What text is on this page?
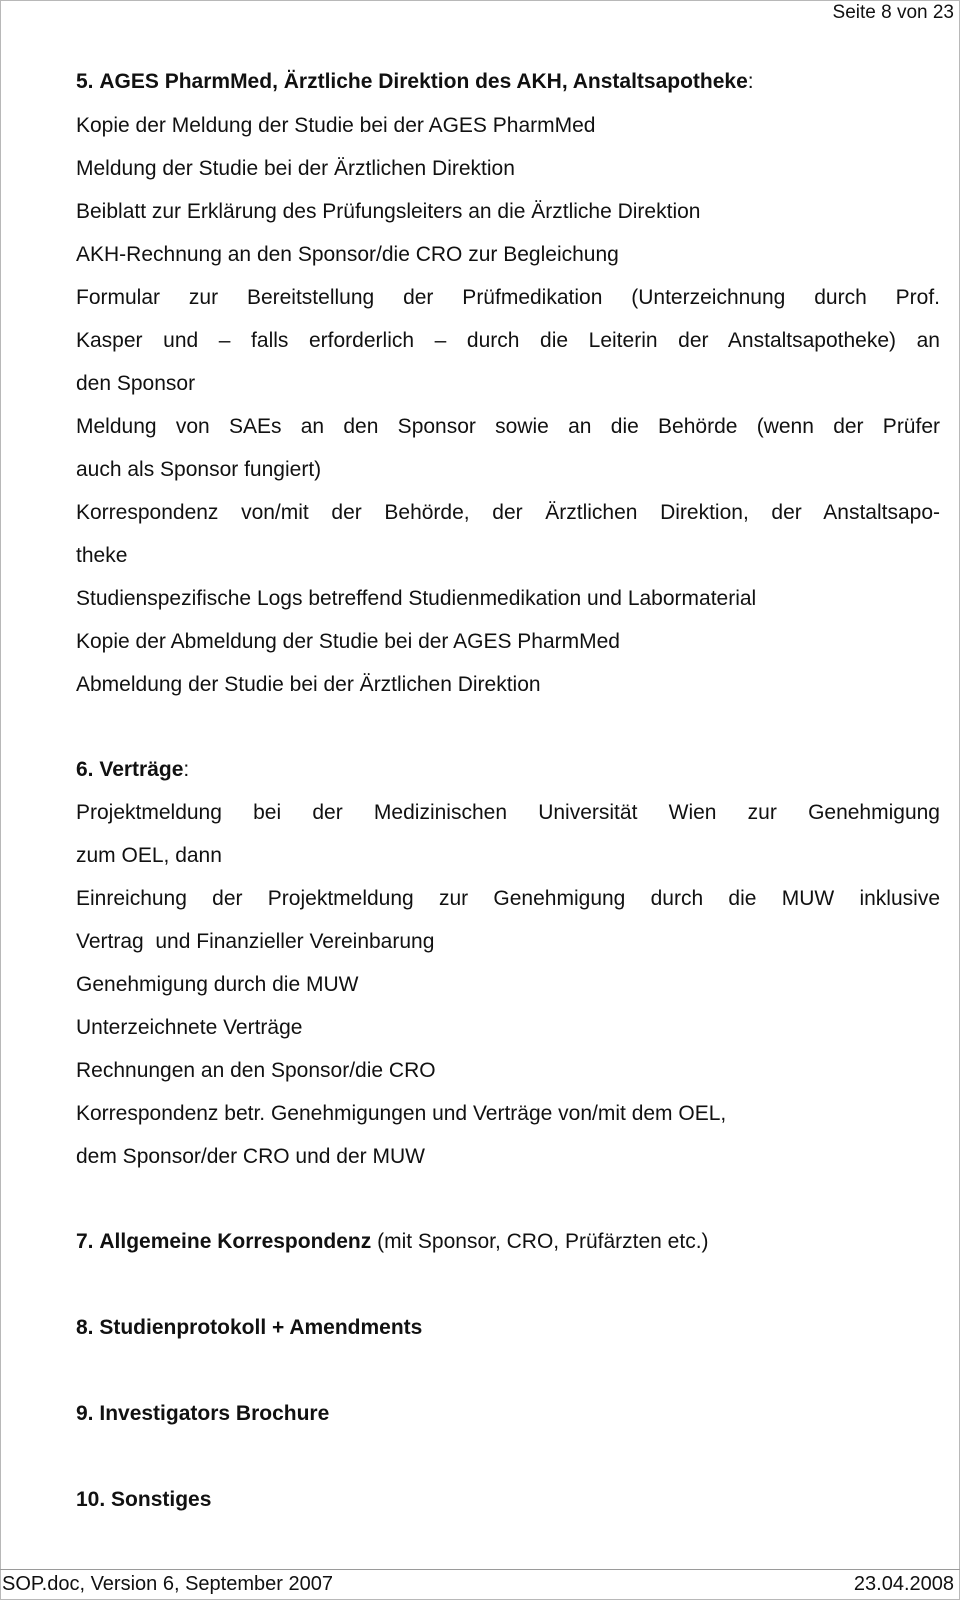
Seite 8 von 23
5. AGES PharmMed, Ärztliche Direktion des AKH, Anstaltsapotheke:
Kopie der Meldung der Studie bei der AGES PharmMed
Meldung der Studie bei der Ärztlichen Direktion
Beiblatt zur Erklärung des Prüfungsleiters an die Ärztliche Direktion
AKH-Rechnung an den Sponsor/die CRO zur Begleichung
Formular zur Bereitstellung der Prüfmedikation (Unterzeichnung durch Prof.
Kasper und – falls erforderlich – durch die Leiterin der Anstaltsapotheke) an
den Sponsor
Meldung von SAEs an den Sponsor sowie an die Behörde (wenn der Prüfer
auch als Sponsor fungiert)
Korrespondenz von/mit der Behörde, der Ärztlichen Direktion, der Anstaltsapo-
theke
Studienspezifische Logs betreffend Studienmedikation und Labormaterial
Kopie der Abmeldung der Studie bei der AGES PharmMed
Abmeldung der Studie bei der Ärztlichen Direktion
6. Verträge:
Projektmeldung bei der Medizinischen Universität Wien zur Genehmigung
zum OEL, dann
Einreichung der Projektmeldung zur Genehmigung durch die MUW inklusive
Vertrag  und Finanzieller Vereinbarung
Genehmigung durch die MUW
Unterzeichnete Verträge
Rechnungen an den Sponsor/die CRO
Korrespondenz betr. Genehmigungen und Verträge von/mit dem OEL,
dem Sponsor/der CRO und der MUW
7. Allgemeine Korrespondenz (mit Sponsor, CRO, Prüfärzten etc.)
8. Studienprotokoll + Amendments
9. Investigators Brochure
10. Sonstiges
SOP.doc, Version 6, September 2007	23.04.2008
